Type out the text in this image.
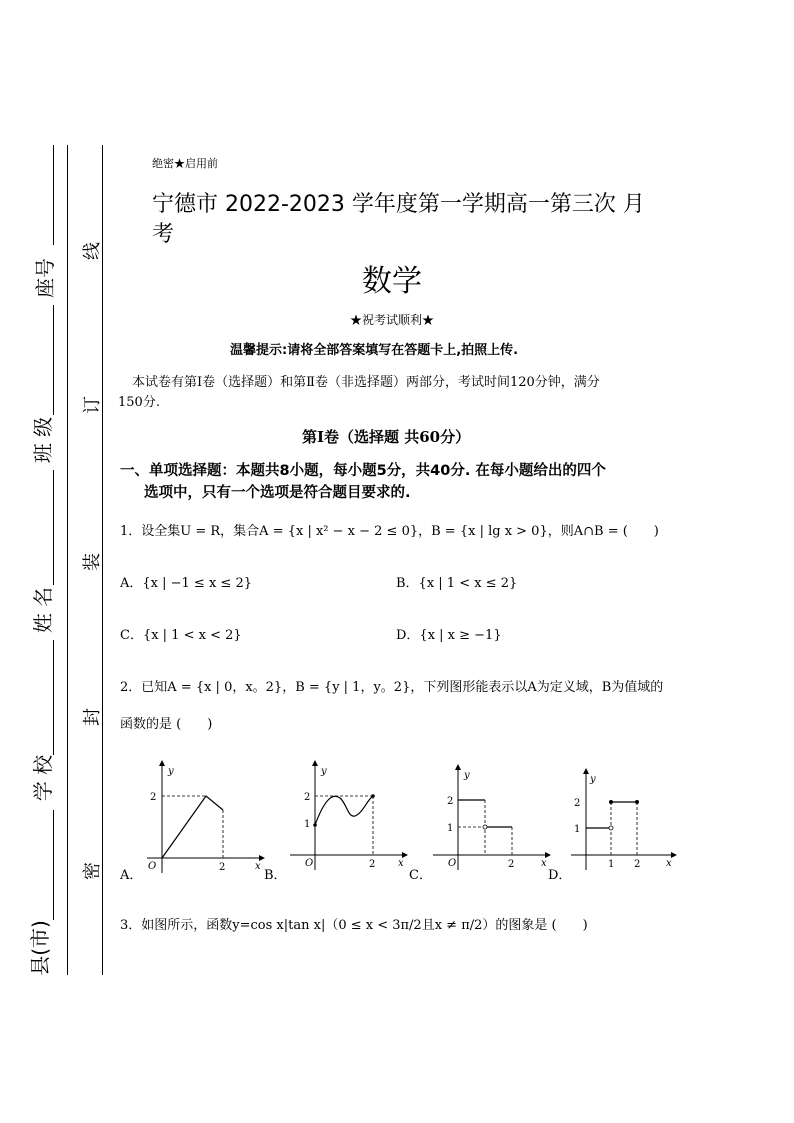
座号
班 级
姓 名
学 校
县(市)
线
订
装
封
密
绝密★启用前
宁德市 2022-2023 学年度第一学期高一第三次 月
考
数学
★祝考试顺利★
温馨提示:请将全部答案填写在答题卡上,拍照上传.
本试卷有第Ⅰ卷（选择题）和第Ⅱ卷（非选择题）两部分，考试时间120分钟，满分
150分.
第Ⅰ卷（选择题 共60分）
一、单项选择题：本题共8小题，每小题5分，共40分. 在每小题给出的四个
选项中，只有一个选项是符合题目要求的.
1．设全集U = R，集合A = {x | x² − x − 2 ≤ 0}，B = {x | lg x > 0}，则A∩B = (　　)
A．{x | −1 ≤ x ≤ 2}	B．{x | 1 < x ≤ 2}
C．{x | 1 < x < 2}	D．{x | x ≥ −1}
2．已知A = {x | 0，x。2}，B = {y | 1，y。2}，下列图形能表示以A为定义域，B为值域的
函数的是 (　　)
A．	B．	C．	D．
y
x
O
2
2
y
x
O
2
1
2
y
x
O
2
1
2
y
x
2
1
1 2
3．如图所示，函数y=cos x|tan x|（0 ≤ x < 3π/2且x ≠ π/2）的图象是 (　　)
